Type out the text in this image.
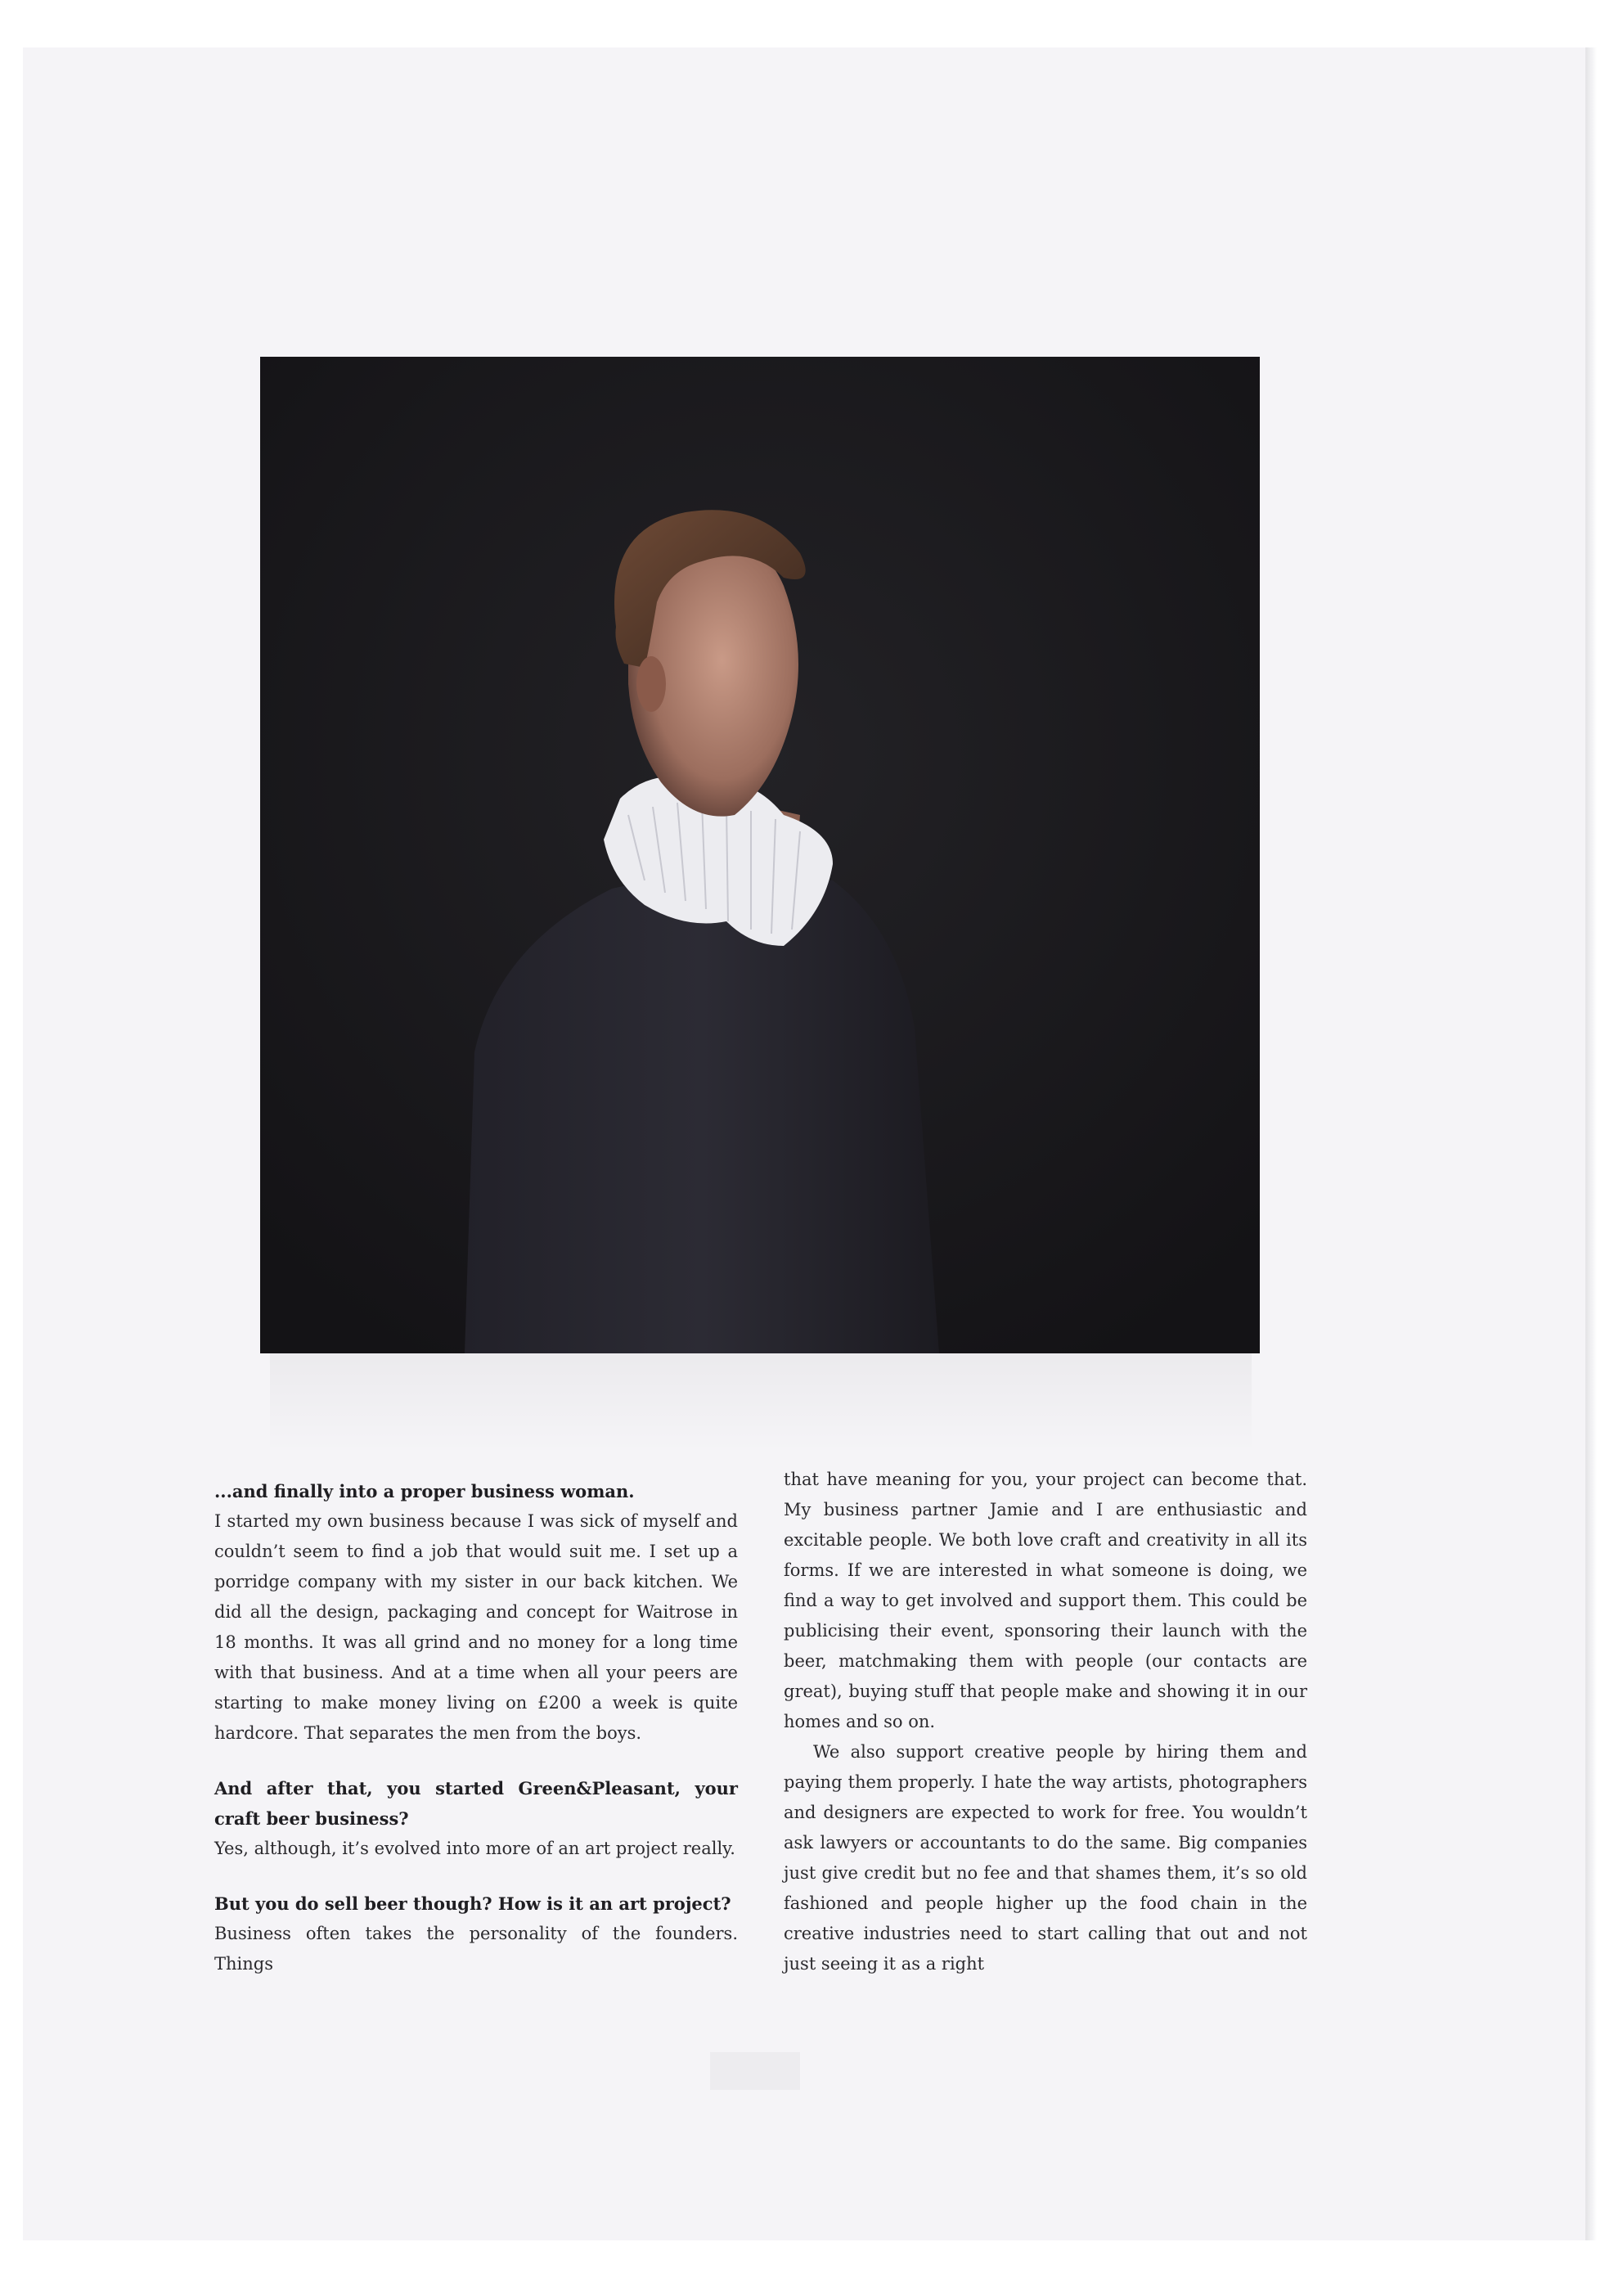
...and finally into a proper business woman.

I started my own business because I was sick of myself and couldn’t seem to find a job that would suit me. I set up a porridge company with my sister in our back kitchen. We did all the design, packaging and concept for Waitrose in 18 months. It was all grind and no money for a long time with that business. And at a time when all your peers are starting to make money living on £200 a week is quite hardcore. That separates the men from the boys.

And after that, you started Green&Pleasant, your craft beer business?

Yes, although, it’s evolved into more of an art project really.

But you do sell beer though? How is it an art project?

Business often takes the personality of the founders. Things

that have meaning for you, your project can become that. My business partner Jamie and I are enthusiastic and excitable people. We both love craft and creativity in all its forms. If we are interested in what someone is doing, we find a way to get involved and support them. This could be publicising their event, sponsoring their launch with the beer, matchmaking them with people (our contacts are great), buying stuff that people make and showing it in our homes and so on.

We also support creative people by hiring them and paying them properly. I hate the way artists, photographers and designers are expected to work for free. You wouldn’t ask lawyers or accountants to do the same. Big companies just give credit but no fee and that shames them, it’s so old fashioned and people higher up the food chain in the creative industries need to start calling that out and not just seeing it as a right
